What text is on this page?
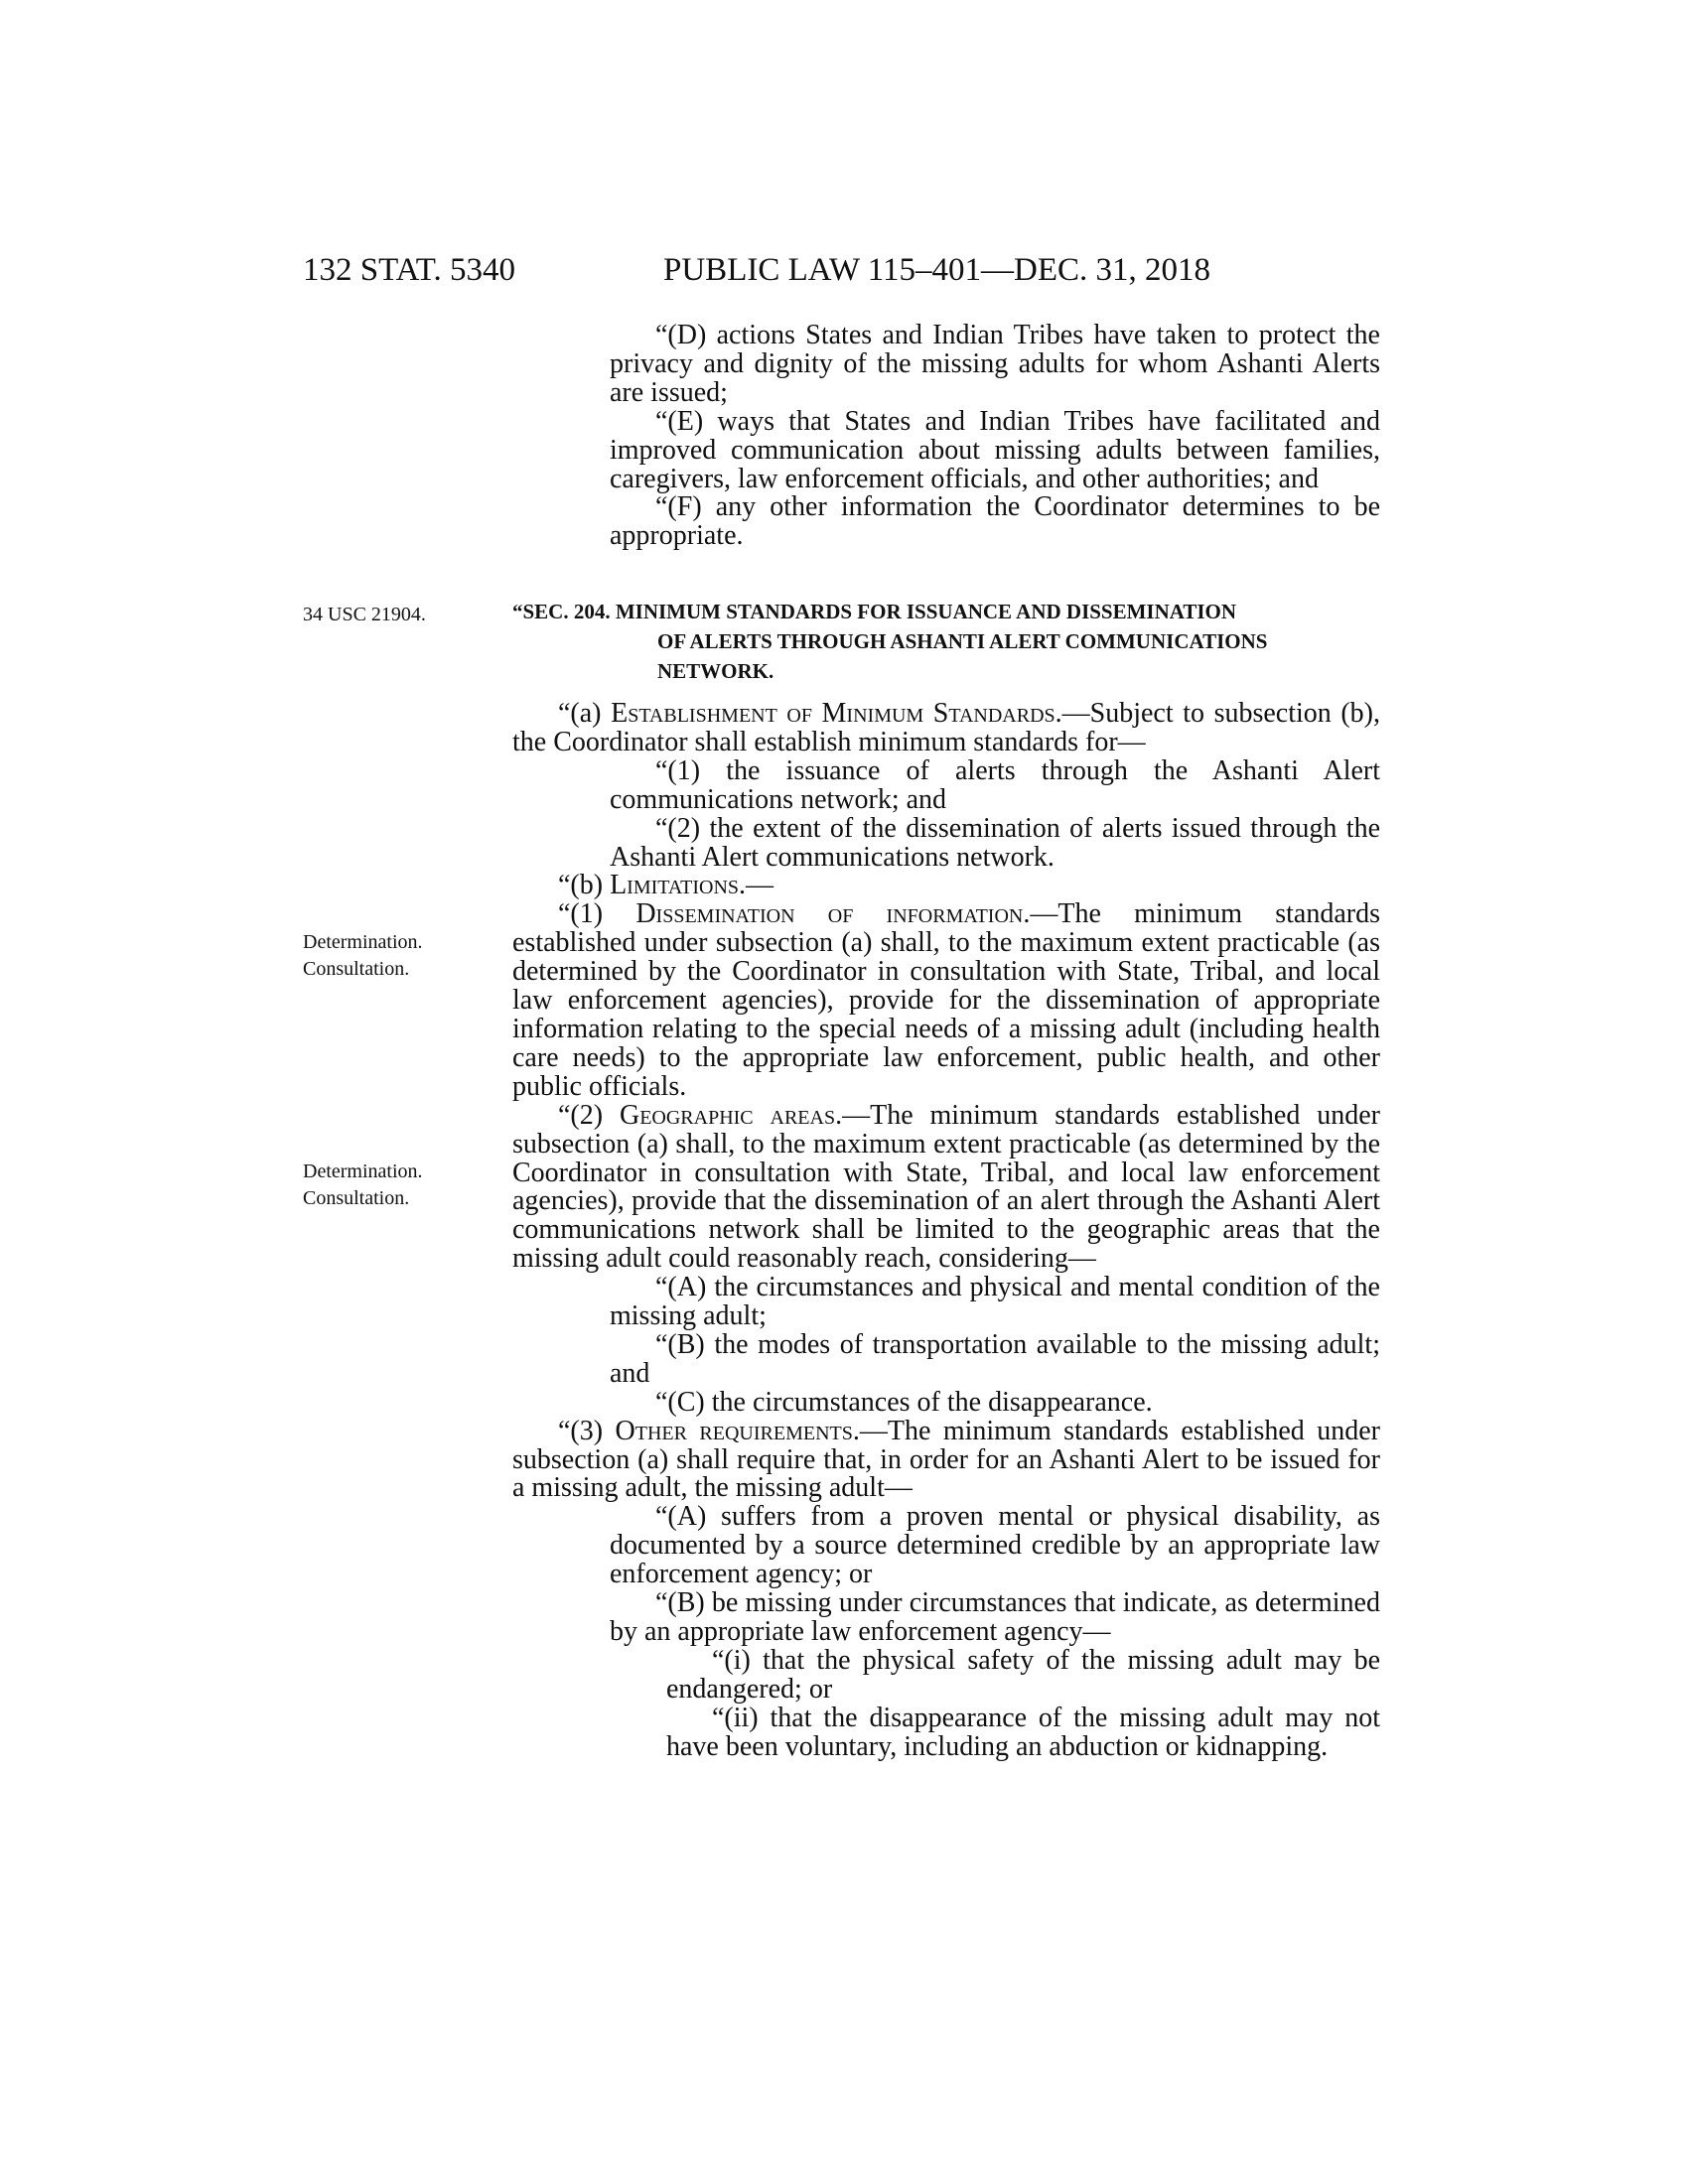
132 STAT. 5340	PUBLIC LAW 115–401—DEC. 31, 2018
34 USC 21904.
Determination.
Consultation.
Determination.
Consultation.

“(D) actions States and Indian Tribes have taken to protect the privacy and dignity of the missing adults for whom Ashanti Alerts are issued;

“(E) ways that States and Indian Tribes have facilitated and improved communication about missing adults between families, caregivers, law enforcement officials, and other authorities; and

“(F) any other information the Coordinator determines to be appropriate.

“SEC. 204. MINIMUM STANDARDS FOR ISSUANCE AND DISSEMINATION

OF ALERTS THROUGH ASHANTI ALERT COMMUNICATIONS

NETWORK.

“(a) Establishment of Minimum Standards.—Subject to subsection (b), the Coordinator shall establish minimum standards for—

“(1) the issuance of alerts through the Ashanti Alert communications network; and

“(2) the extent of the dissemination of alerts issued through the Ashanti Alert communications network.

“(b) Limitations.—

“(1) Dissemination of information.—The minimum standards established under subsection (a) shall, to the maximum extent practicable (as determined by the Coordinator in consultation with State, Tribal, and local law enforcement agencies), provide for the dissemination of appropriate information relating to the special needs of a missing adult (including health care needs) to the appropriate law enforcement, public health, and other public officials.

“(2) Geographic areas.—The minimum standards established under subsection (a) shall, to the maximum extent practicable (as determined by the Coordinator in consultation with State, Tribal, and local law enforcement agencies), provide that the dissemination of an alert through the Ashanti Alert communications network shall be limited to the geographic areas that the missing adult could reasonably reach, considering—

“(A) the circumstances and physical and mental condition of the missing adult;

“(B) the modes of transportation available to the missing adult; and

“(C) the circumstances of the disappearance.

“(3) Other requirements.—The minimum standards established under subsection (a) shall require that, in order for an Ashanti Alert to be issued for a missing adult, the missing adult—

“(A) suffers from a proven mental or physical disability, as documented by a source determined credible by an appropriate law enforcement agency; or

“(B) be missing under circumstances that indicate, as determined by an appropriate law enforcement agency—

“(i) that the physical safety of the missing adult may be endangered; or

“(ii) that the disappearance of the missing adult may not have been voluntary, including an abduction or kidnapping.
